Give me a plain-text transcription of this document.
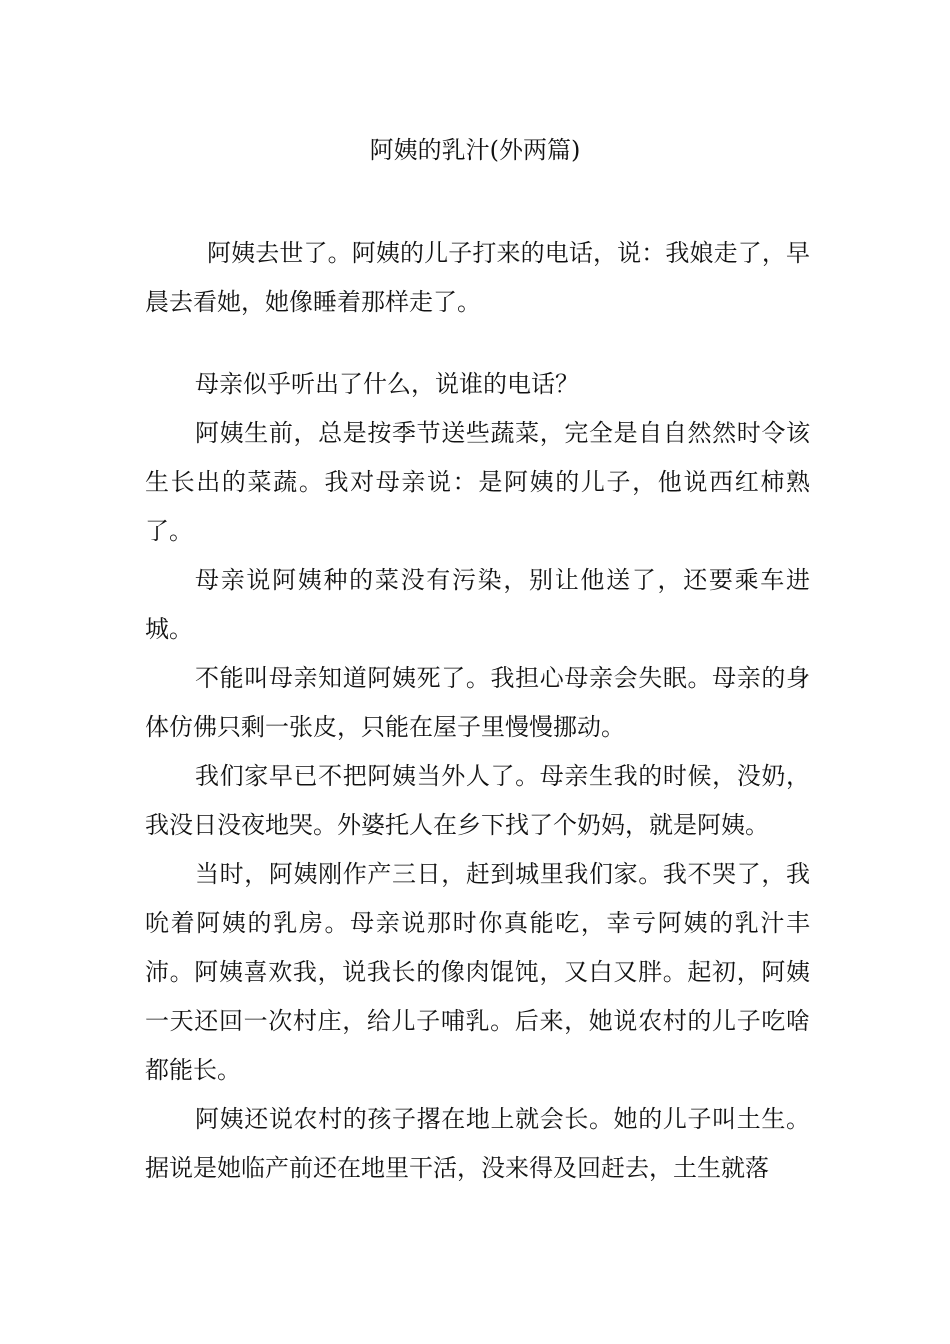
阿姨的乳汁(外两篇)

阿姨去世了。阿姨的儿子打来的电话，说：我娘走了，早晨去看她，她像睡着那样走了。

母亲似乎听出了什么，说谁的电话？

阿姨生前，总是按季节送些蔬菜，完全是自自然然时令该生长出的菜蔬。我对母亲说：是阿姨的儿子，他说西红柿熟了。

母亲说阿姨种的菜没有污染，别让他送了，还要乘车进城。

不能叫母亲知道阿姨死了。我担心母亲会失眠。母亲的身体仿佛只剩一张皮，只能在屋子里慢慢挪动。

我们家早已不把阿姨当外人了。母亲生我的时候，没奶，我没日没夜地哭。外婆托人在乡下找了个奶妈，就是阿姨。

当时，阿姨刚作产三日，赶到城里我们家。我不哭了，我吮着阿姨的乳房。母亲说那时你真能吃，幸亏阿姨的乳汁丰沛。阿姨喜欢我，说我长的像肉馄饨，又白又胖。起初，阿姨一天还回一次村庄，给儿子哺乳。后来，她说农村的儿子吃啥都能长。

阿姨还说农村的孩子撂在地上就会长。她的儿子叫土生。据说是她临产前还在地里干活，没来得及回赶去，土生就落
